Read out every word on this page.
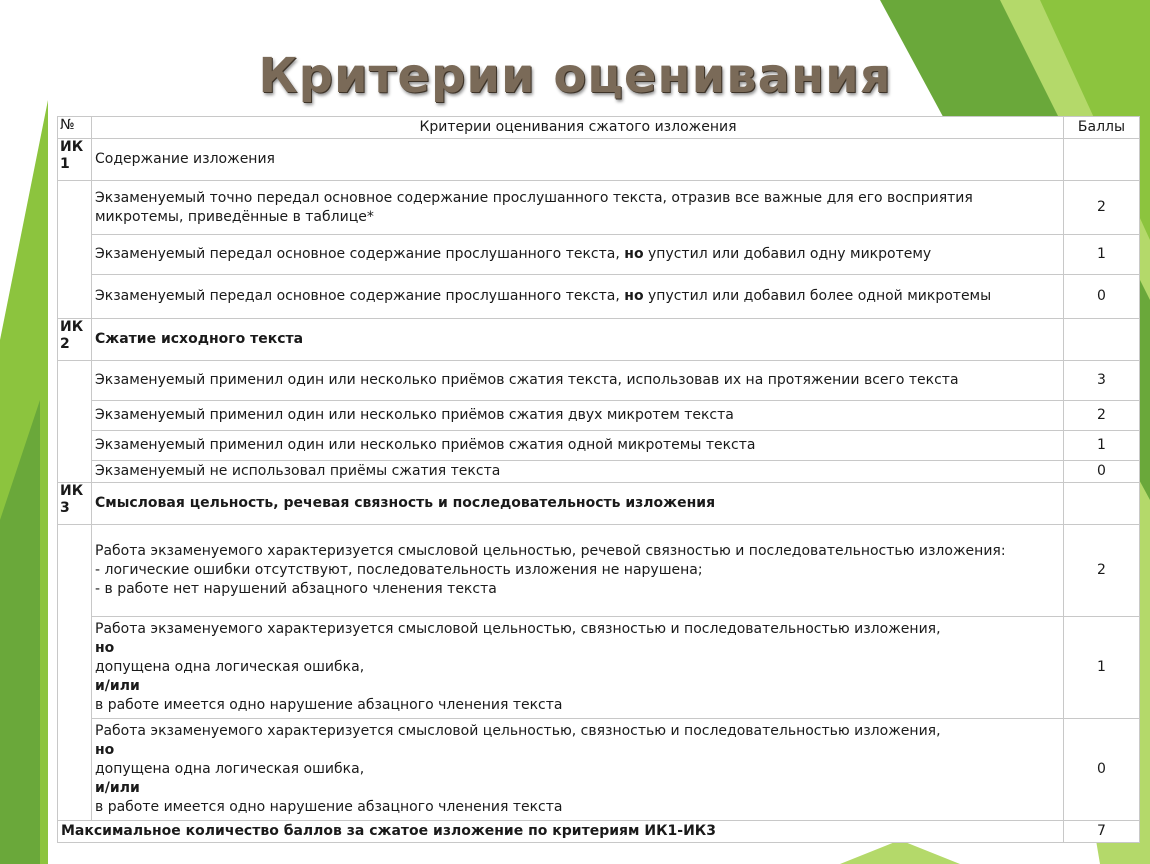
Критерии оценивания
№	Критерии оценивания сжатого изложения	Баллы
ИК 1	Содержание изложения	
	Экзаменуемый точно передал основное содержание прослушанного текста, отразив все важные для его восприятия микротемы, приведённые в таблице*	2
	Экзаменуемый передал основное содержание прослушанного текста, но упустил или добавил одну микротему	1
	Экзаменуемый передал основное содержание прослушанного текста, но упустил или добавил более одной микротемы	0
ИК 2	Сжатие исходного текста	
	Экзаменуемый применил один или несколько приёмов сжатия текста, использовав их на протяжении всего текста	3
	Экзаменуемый применил один или несколько приёмов сжатия двух микротем текста	2
	Экзаменуемый применил один или несколько приёмов сжатия одной микротемы текста	1
	Экзаменуемый не использовал приёмы сжатия текста	0
ИК 3	Смысловая цельность, речевая связность и последовательность изложения	
	Работа экзаменуемого характеризуется смысловой цельностью, речевой связностью и последовательностью изложения:
- логические ошибки отсутствуют, последовательность изложения не нарушена;
- в работе нет нарушений абзацного членения текста	2

	Работа экзаменуемого характеризуется смысловой цельностью, связностью и последовательностью изложения,
но
допущена одна логическая ошибка,
и/или
в работе имеется одно нарушение абзацного членения текста	1

	Работа экзаменуемого характеризуется смысловой цельностью, связностью и последовательностью изложения,
но
допущена одна логическая ошибка,
и/или
в работе имеется одно нарушение абзацного членения текста	0
Максимальное количество баллов за сжатое изложение по критериям ИК1-ИК3		7
